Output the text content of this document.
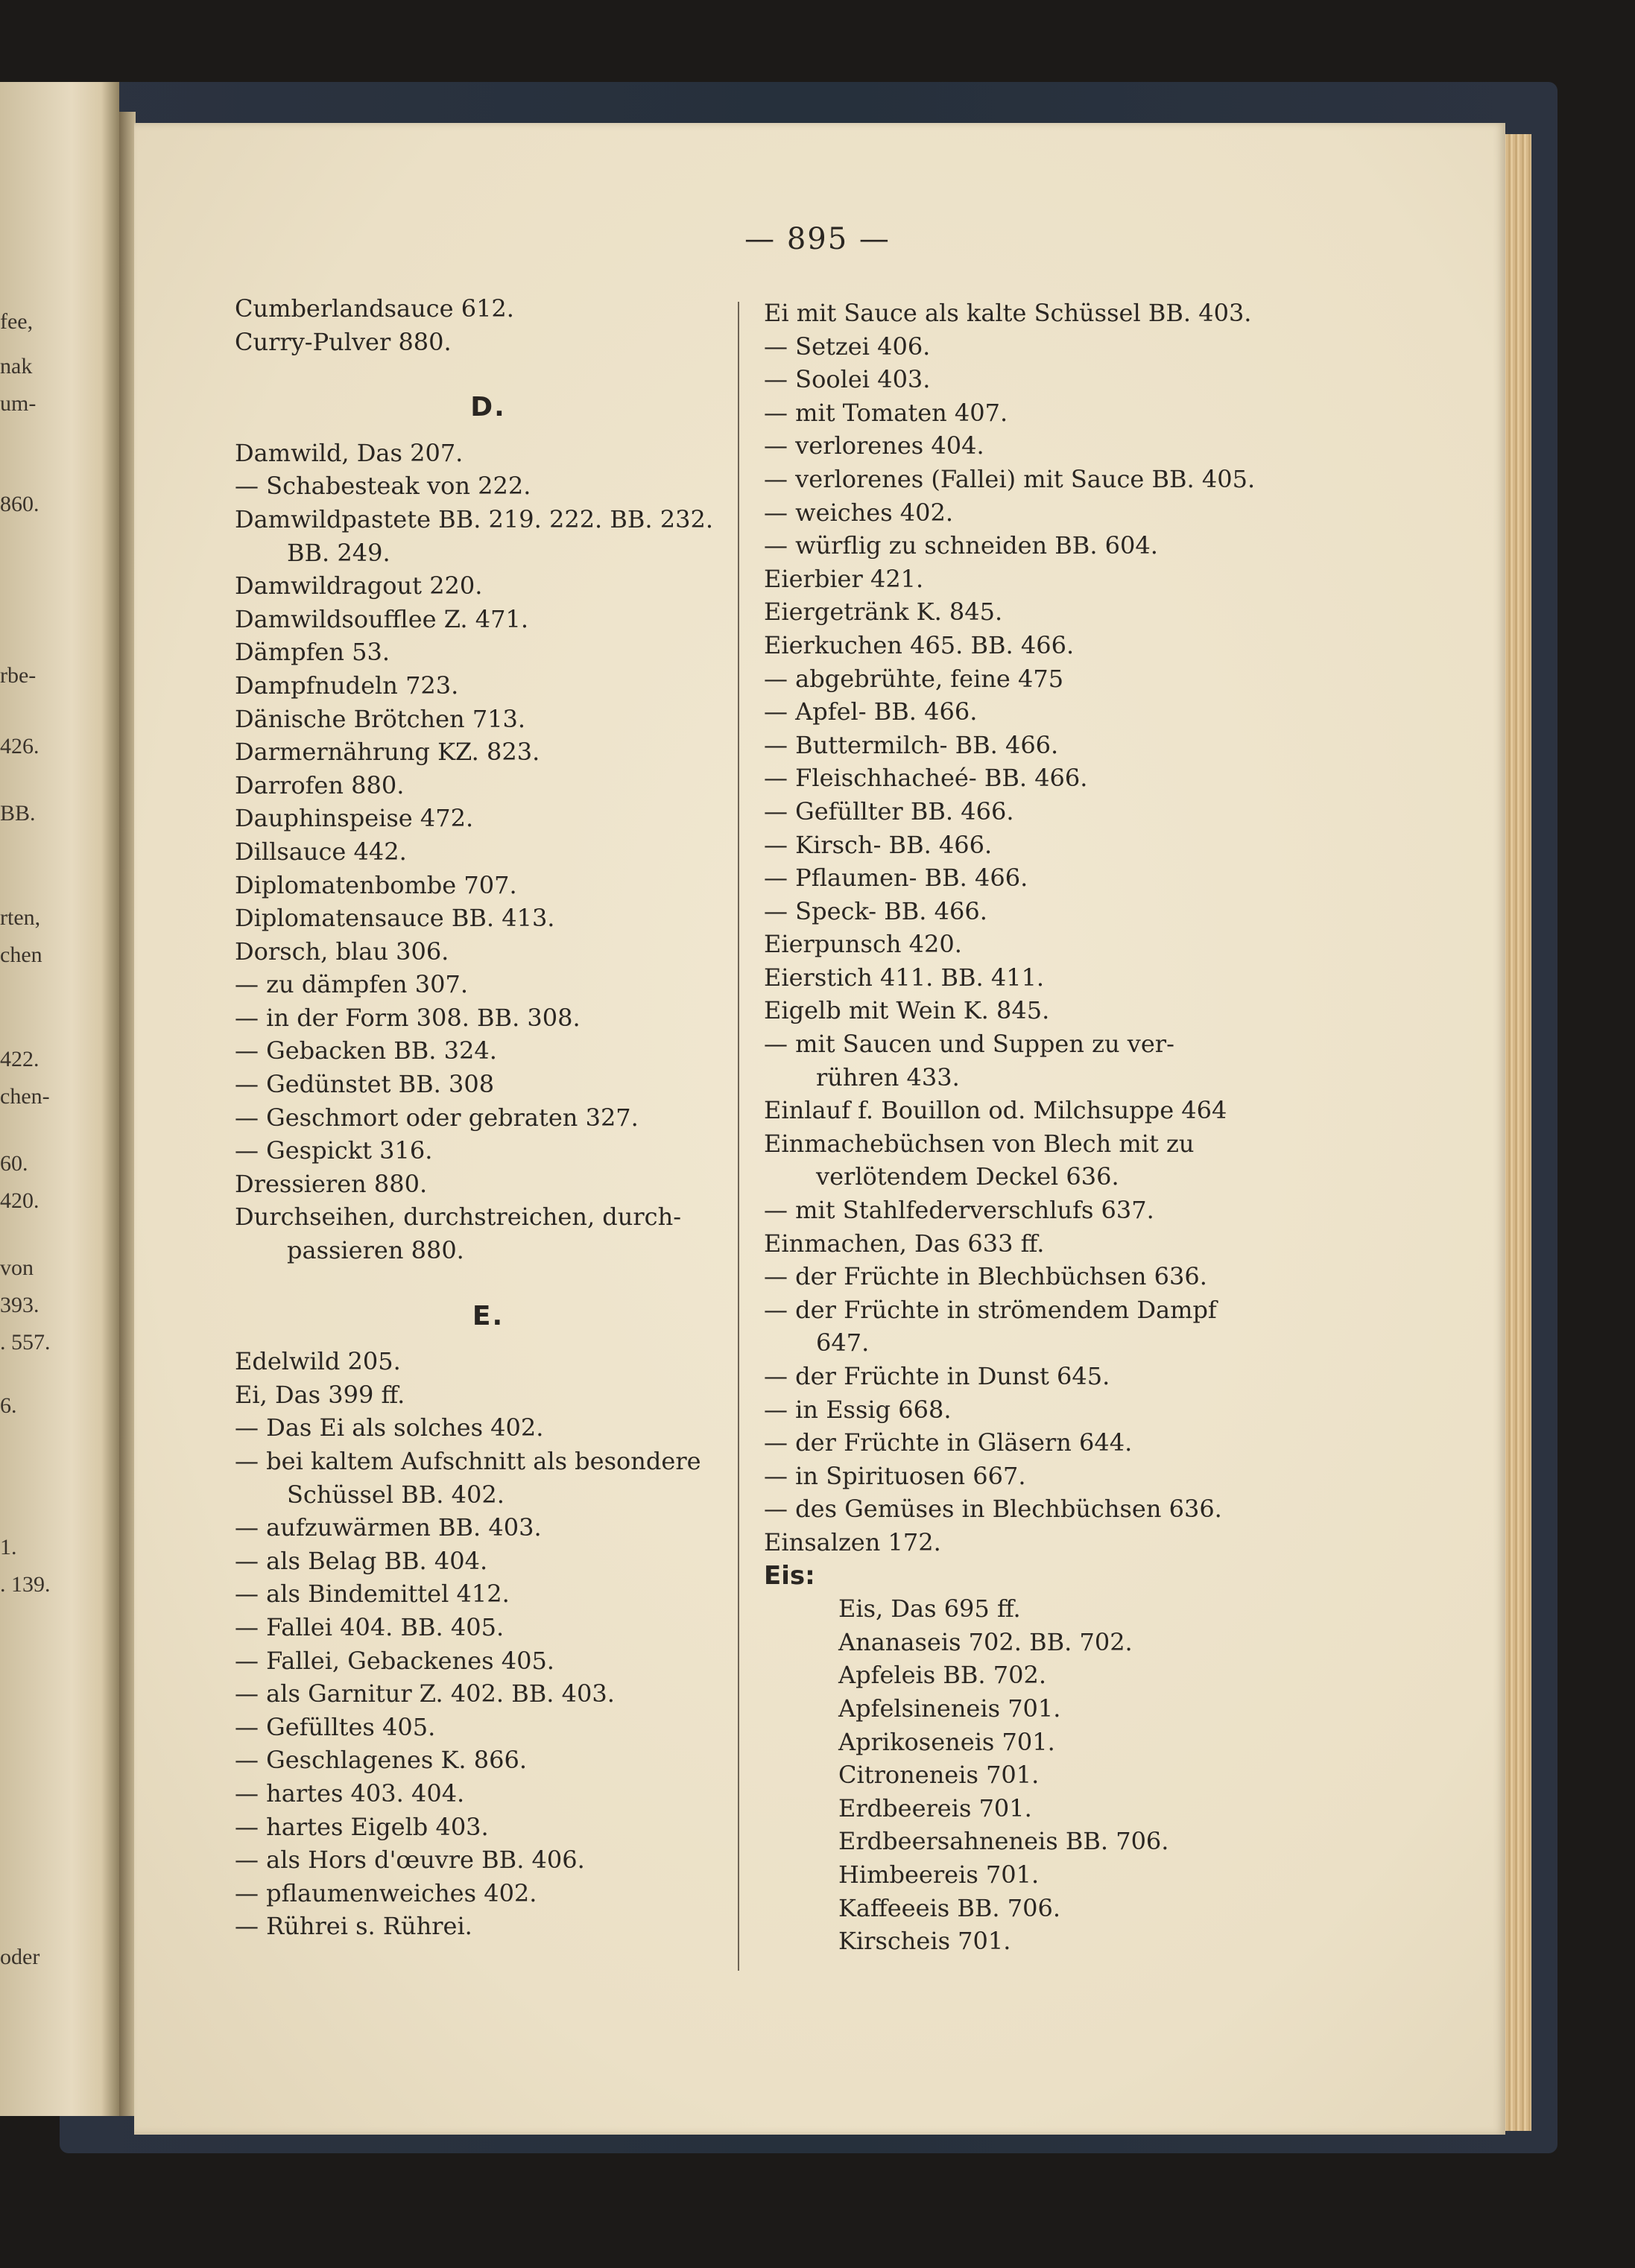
fee,
nak
um-
860.
rbe-
426.
BB.
rten,
chen
422.
chen-
60.
420.
von
393.
. 557.
6.
1.
. 139.
oder
— 895 —
Cumberlandsauce 612.
Curry-Pulver 880.
D.
Damwild, Das 207.
— Schabesteak von 222.
Damwildpastete BB. 219. 222. BB. 232.
BB. 249.
Damwildragout 220.
Damwildsoufflee Z. 471.
Dämpfen 53.
Dampfnudeln 723.
Dänische Brötchen 713.
Darmernährung KZ. 823.
Darrofen 880.
Dauphinspeise 472.
Dillsauce 442.
Diplomatenbombe 707.
Diplomatensauce BB. 413.
Dorsch, blau 306.
— zu dämpfen 307.
— in der Form 308. BB. 308.
— Gebacken BB. 324.
— Gedünstet BB. 308
— Geschmort oder gebraten 327.
— Gespickt 316.
Dressieren 880.
Durchseihen, durchstreichen, durch-
passieren 880.
E.
Edelwild 205.
Ei, Das 399 ff.
— Das Ei als solches 402.
— bei kaltem Aufschnitt als besondere
Schüssel BB. 402.
— aufzuwärmen BB. 403.
— als Belag BB. 404.
— als Bindemittel 412.
— Fallei 404. BB. 405.
— Fallei, Gebackenes 405.
— als Garnitur Z. 402. BB. 403.
— Gefülltes 405.
— Geschlagenes K. 866.
— hartes 403. 404.
— hartes Eigelb 403.
— als Hors d'œuvre BB. 406.
— pflaumenweiches 402.
— Rührei s. Rührei.
Ei mit Sauce als kalte Schüssel BB. 403.
— Setzei 406.
— Soolei 403.
— mit Tomaten 407.
— verlorenes 404.
— verlorenes (Fallei) mit Sauce BB. 405.
— weiches 402.
— würflig zu schneiden BB. 604.
Eierbier 421.
Eiergetränk K. 845.
Eierkuchen 465. BB. 466.
— abgebrühte, feine 475
— Apfel- BB. 466.
— Buttermilch- BB. 466.
— Fleischhacheé- BB. 466.
— Gefüllter BB. 466.
— Kirsch- BB. 466.
— Pflaumen- BB. 466.
— Speck- BB. 466.
Eierpunsch 420.
Eierstich 411. BB. 411.
Eigelb mit Wein K. 845.
— mit Saucen und Suppen zu ver-
rühren 433.
Einlauf f. Bouillon od. Milchsuppe 464
Einmachebüchsen von Blech mit zu
verlötendem Deckel 636.
— mit Stahlfederverschlufs 637.
Einmachen, Das 633 ff.
— der Früchte in Blechbüchsen 636.
— der Früchte in strömendem Dampf
647.
— der Früchte in Dunst 645.
— in Essig 668.
— der Früchte in Gläsern 644.
— in Spirituosen 667.
— des Gemüses in Blechbüchsen 636.
Einsalzen 172.
Eis:
Eis, Das 695 ff.
Ananaseis 702. BB. 702.
Apfeleis BB. 702.
Apfelsineneis 701.
Aprikoseneis 701.
Citroneneis 701.
Erdbeereis 701.
Erdbeersahneneis BB. 706.
Himbeereis 701.
Kaffeeeis BB. 706.
Kirscheis 701.
